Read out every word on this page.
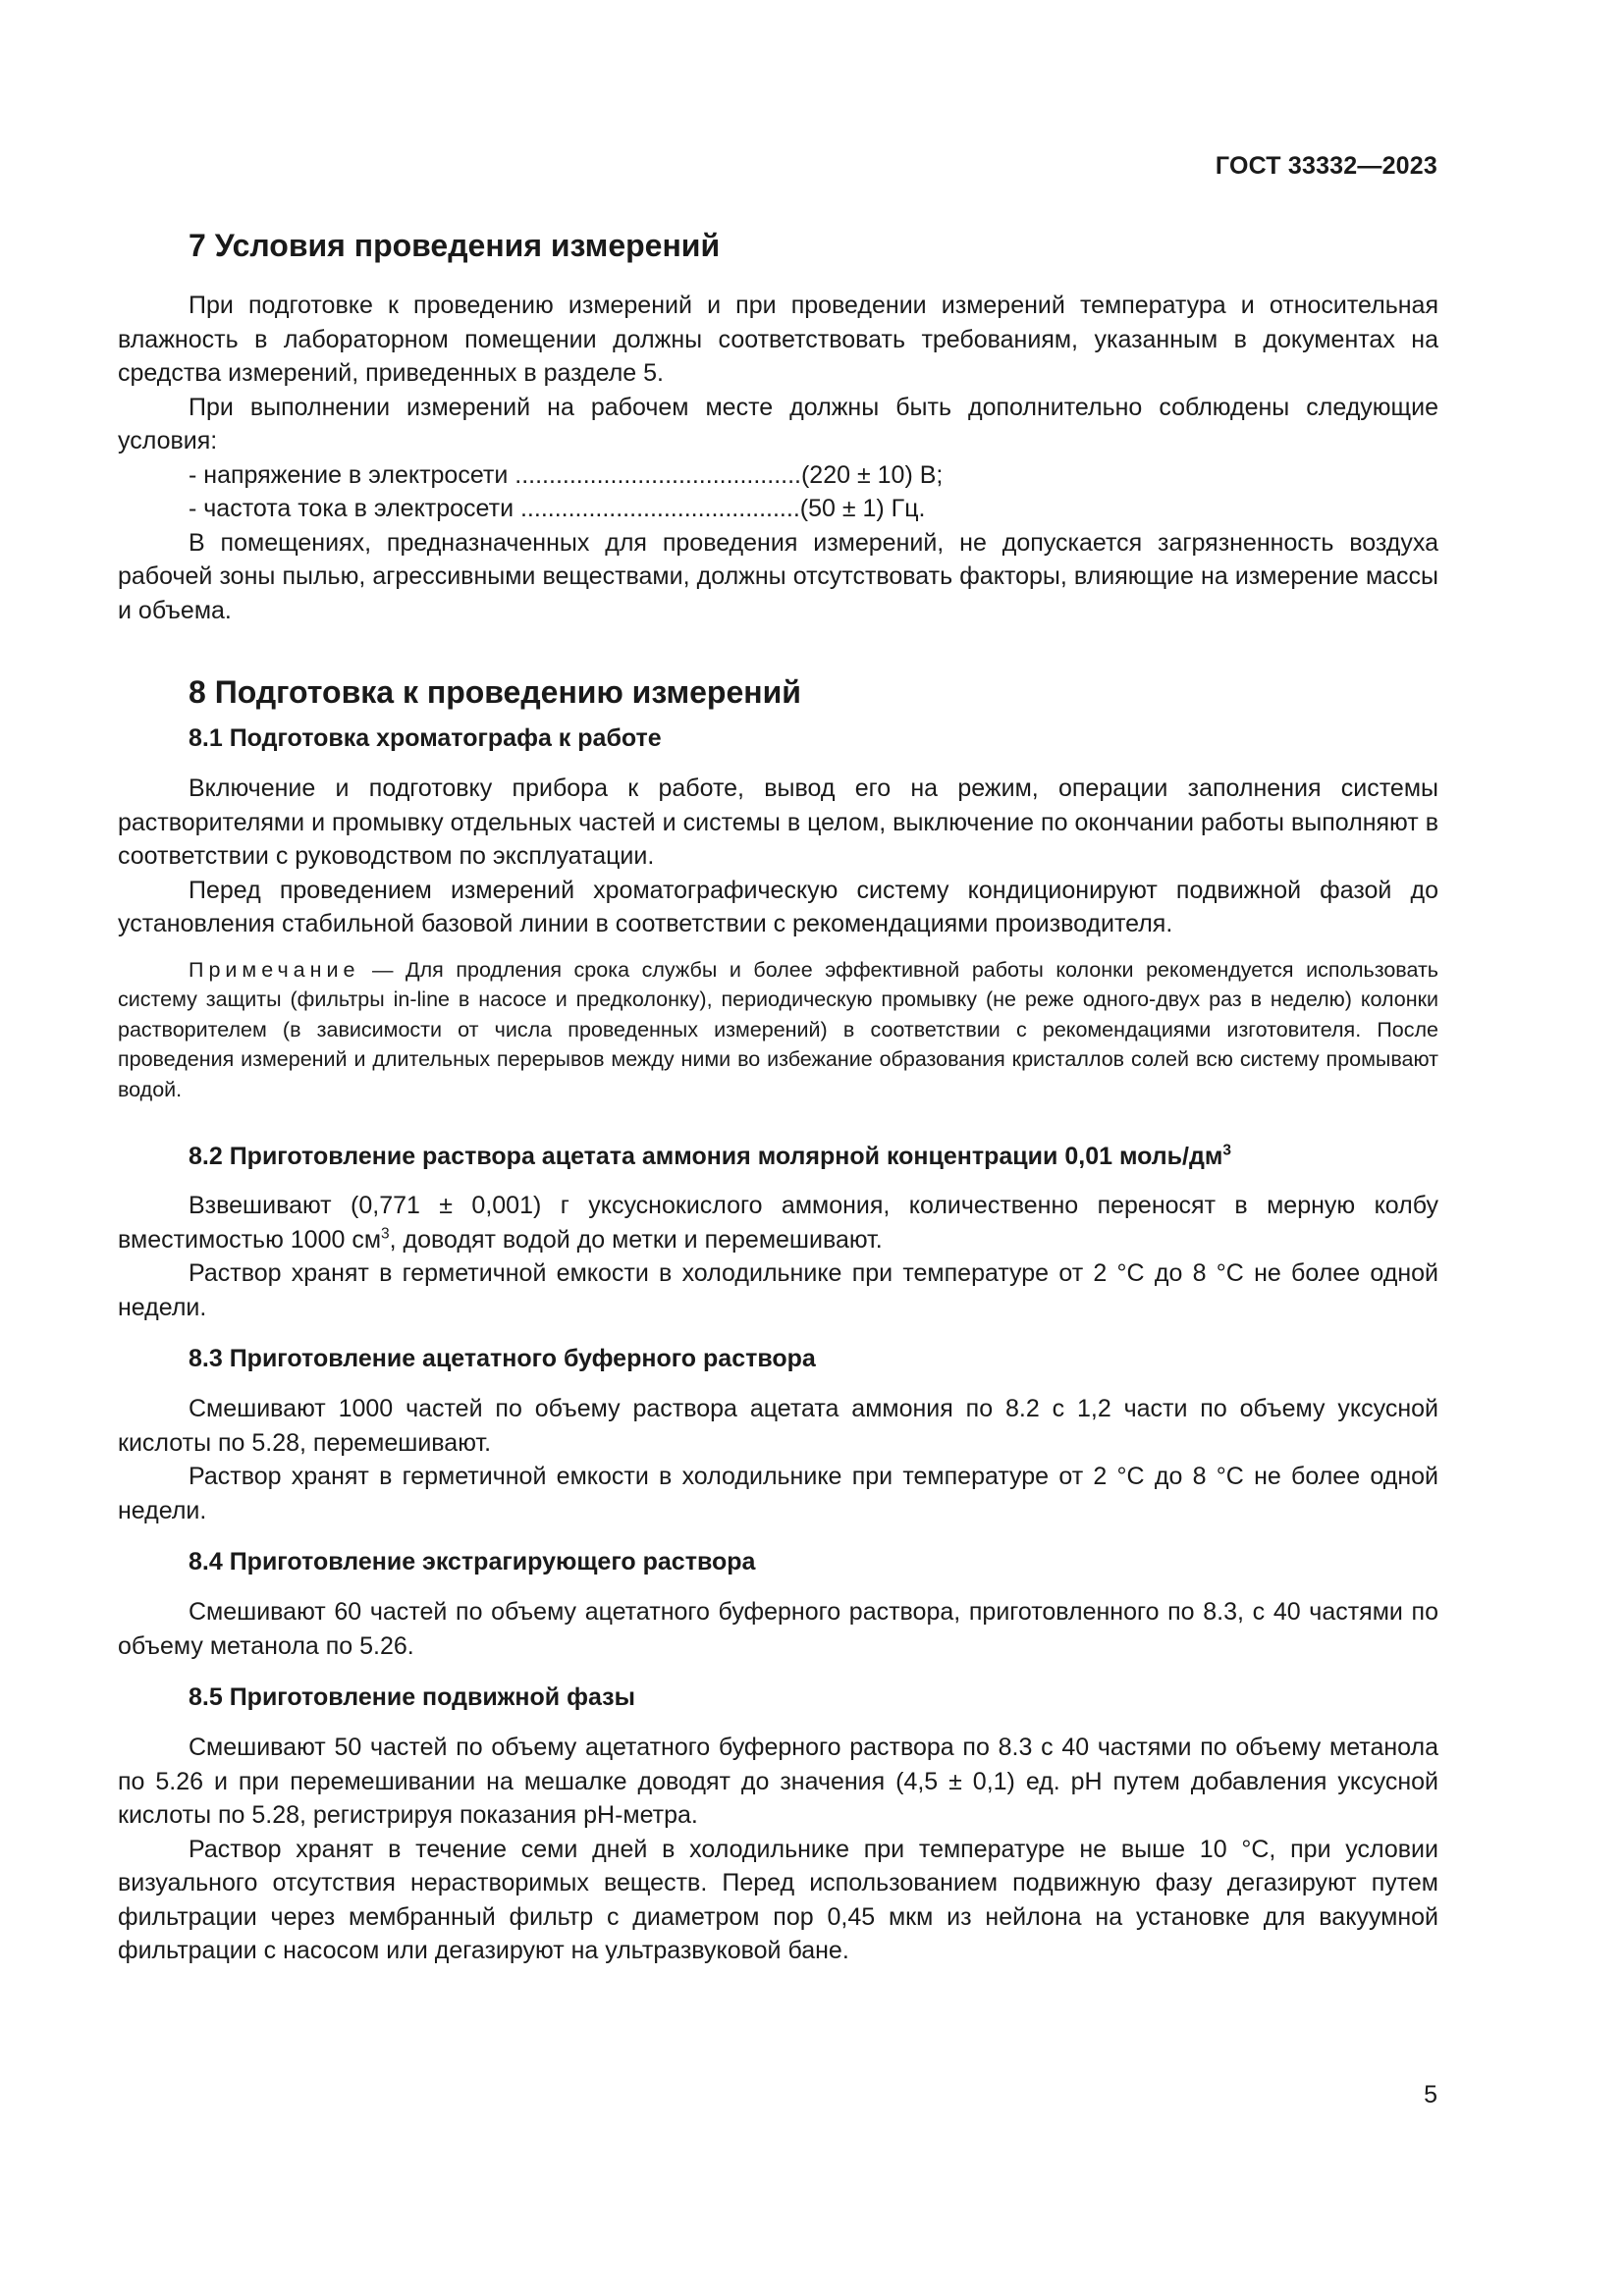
ГОСТ 33332—2023
7 Условия проведения измерений

При подготовке к проведению измерений и при проведении измерений температура и относительная влажность в лабораторном помещении должны соответствовать требованиям, указанным в документах на средства измерений, приведенных в разделе 5.

При выполнении измерений на рабочем месте должны быть дополнительно соблюдены следующие условия:

- напряжение в электросети ..........................................(220 ± 10) В;

- частота тока в электросети .........................................(50 ± 1) Гц.

В помещениях, предназначенных для проведения измерений, не допускается загрязненность воздуха рабочей зоны пылью, агрессивными веществами, должны отсутствовать факторы, влияющие на измерение массы и объема.

8 Подготовка к проведению измерений
8.1 Подготовка хроматографа к работе

Включение и подготовку прибора к работе, вывод его на режим, операции заполнения системы растворителями и промывку отдельных частей и системы в целом, выключение по окончании работы выполняют в соответствии с руководством по эксплуатации.

Перед проведением измерений хроматографическую систему кондиционируют подвижной фазой до установления стабильной базовой линии в соответствии с рекомендациями производителя.

Примечание — Для продления срока службы и более эффективной работы колонки рекомендуется использовать систему защиты (фильтры in-line в насосе и предколонку), периодическую промывку (не реже одного-двух раз в неделю) колонки растворителем (в зависимости от числа проведенных измерений) в соответствии с рекомендациями изготовителя. После проведения измерений и длительных перерывов между ними во избежание образования кристаллов солей всю систему промывают водой.
8.2 Приготовление раствора ацетата аммония молярной концентрации 0,01 моль/$дм^3$

Взвешивают (0,771 ± 0,001) г уксуснокислого аммония, количественно переносят в мерную колбу вместимостью 1000 $см^3$, доводят водой до метки и перемешивают.

Раствор хранят в герметичной емкости в холодильнике при температуре от 2 °С до 8 °С не более одной недели.

8.3 Приготовление ацетатного буферного раствора

Смешивают 1000 частей по объему раствора ацетата аммония по 8.2 с 1,2 части по объему уксусной кислоты по 5.28, перемешивают.

Раствор хранят в герметичной емкости в холодильнике при температуре от 2 °С до 8 °С не более одной недели.

8.4 Приготовление экстрагирующего раствора

Смешивают 60 частей по объему ацетатного буферного раствора, приготовленного по 8.3, с 40 частями по объему метанола по 5.26.

8.5 Приготовление подвижной фазы

Смешивают 50 частей по объему ацетатного буферного раствора по 8.3 с 40 частями по объему метанола по 5.26 и при перемешивании на мешалке доводят до значения (4,5 ± 0,1) ед. pH путем добавления уксусной кислоты по 5.28, регистрируя показания pH-метра.

Раствор хранят в течение семи дней в холодильнике при температуре не выше 10 °С, при условии визуального отсутствия нерастворимых веществ. Перед использованием подвижную фазу дегазируют путем фильтрации через мембранный фильтр с диаметром пор 0,45 мкм из нейлона на установке для вакуумной фильтрации с насосом или дегазируют на ультразвуковой бане.

5
